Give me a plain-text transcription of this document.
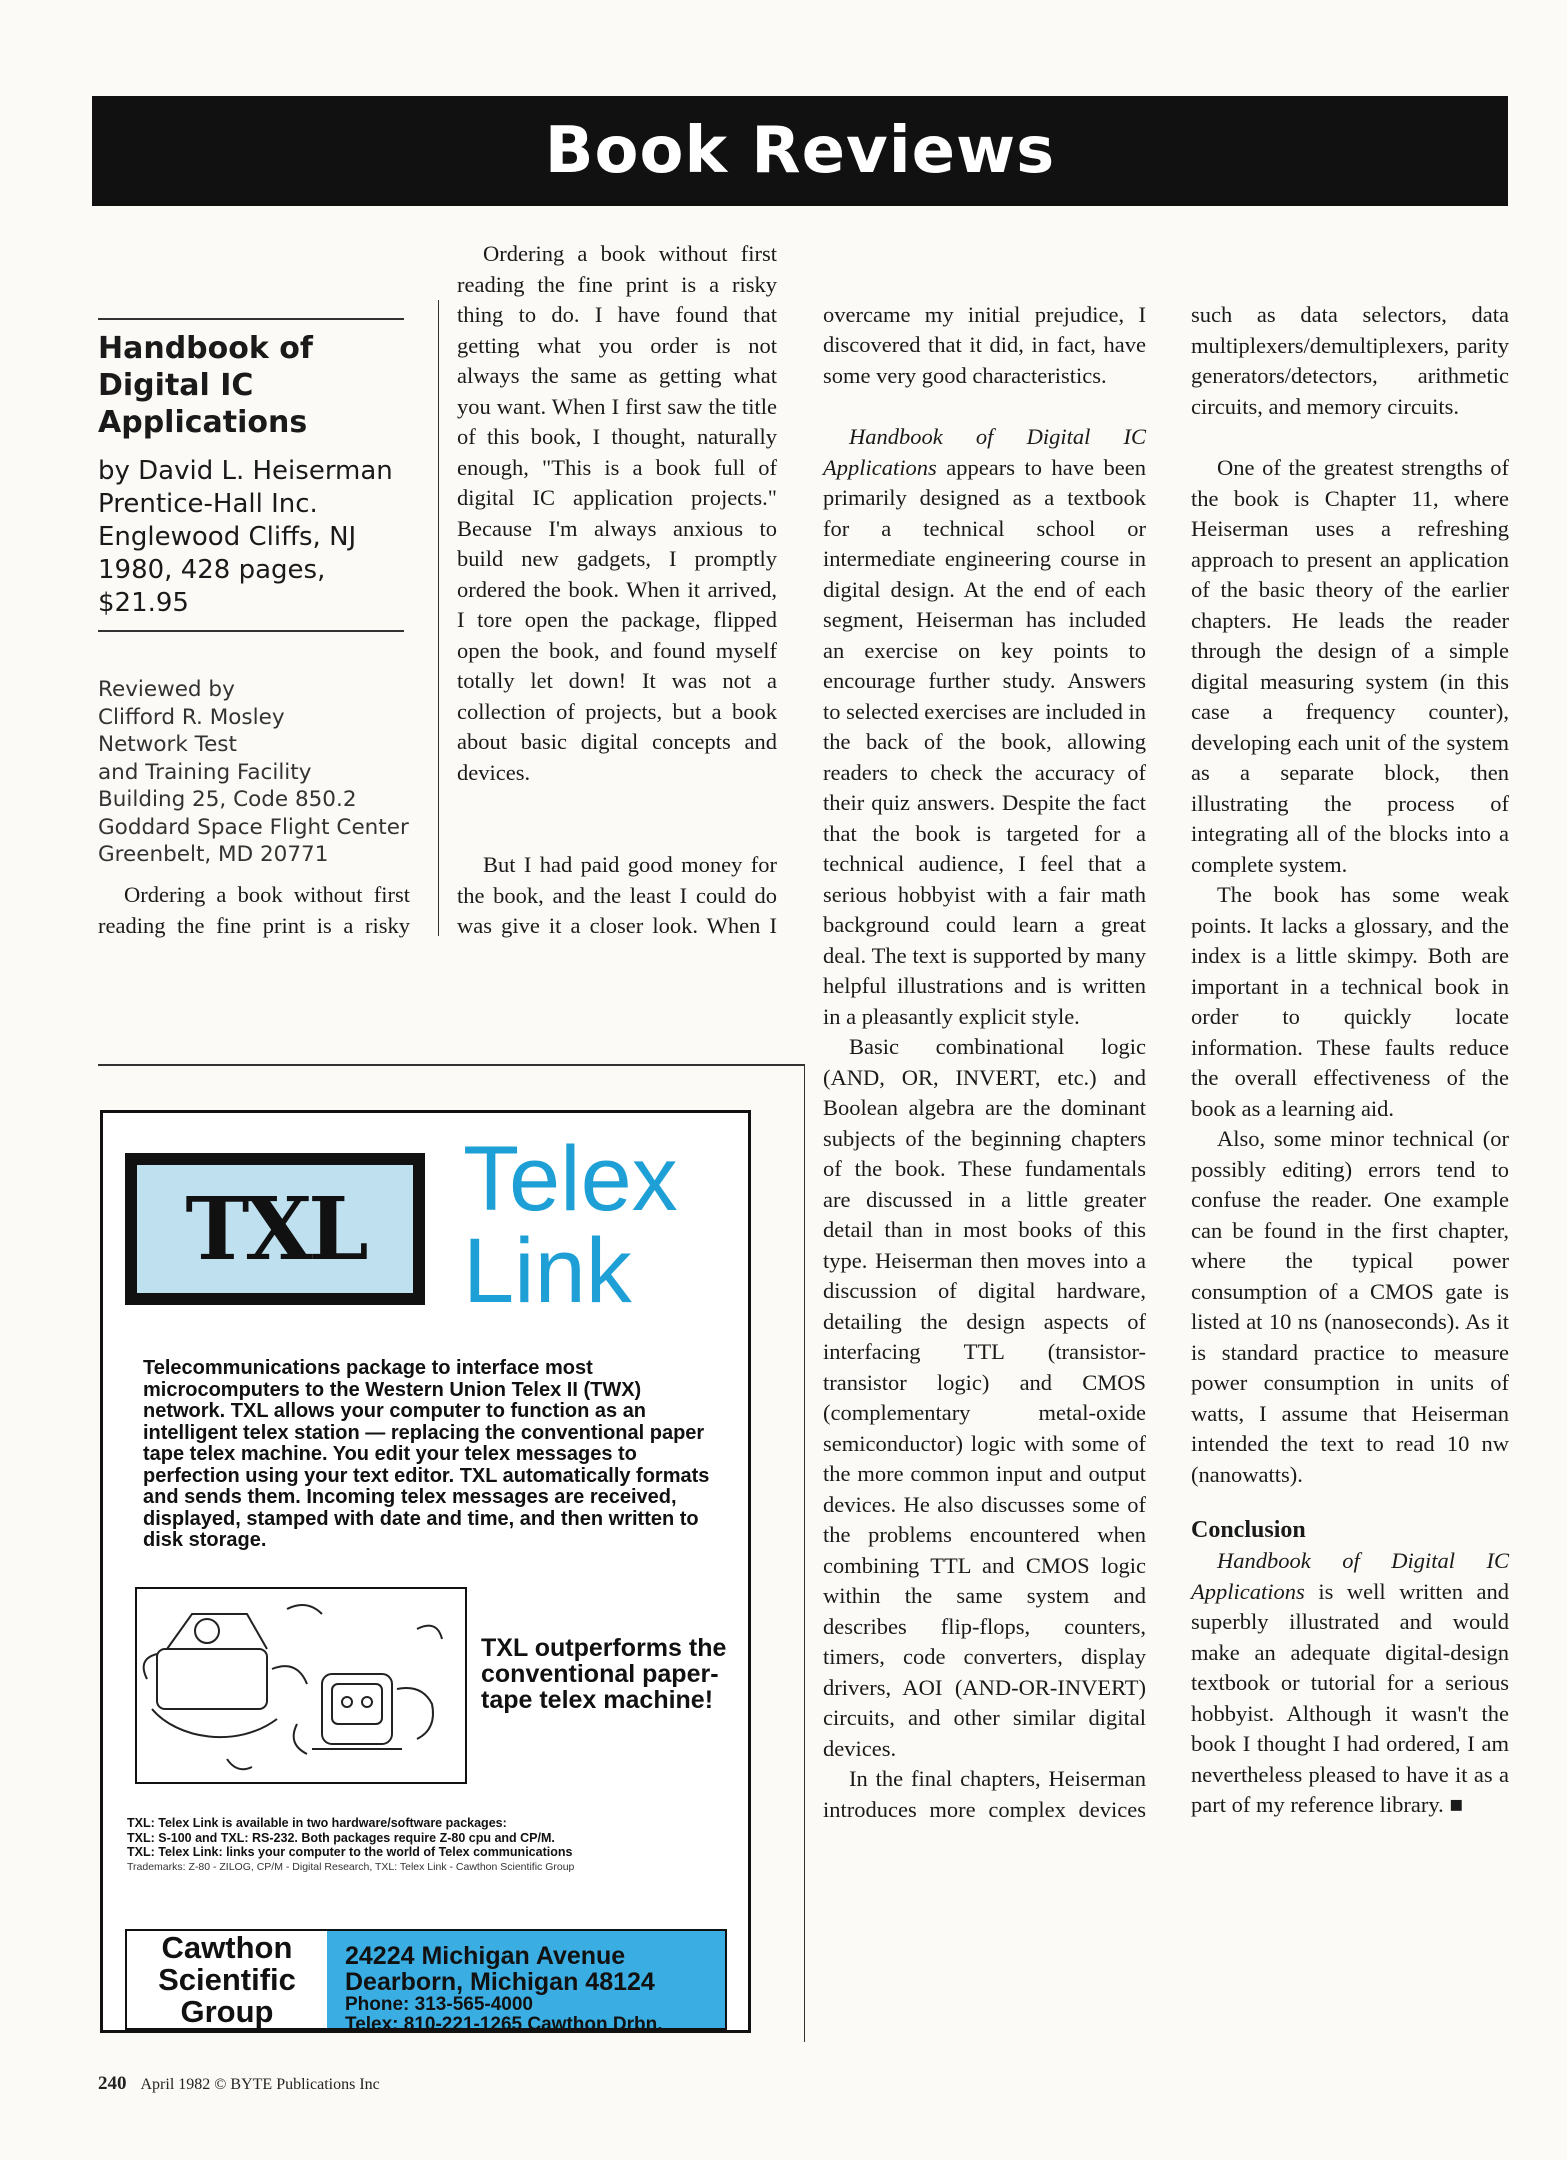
Book Reviews

Handbook of Digital IC Applications

by David L. Heiserman
Prentice-Hall Inc.
Englewood Cliffs, NJ
1980, 428 pages, $21.95

Reviewed by
Clifford R. Mosley
Network Test
and Training Facility
Building 25, Code 850.2
Goddard Space Flight Center
Greenbelt, MD 20771

Ordering a book without first reading the fine print is a risky

Ordering a book without first reading the fine print is a risky thing to do. I have found that getting what you order is not always the same as getting what you want. When I first saw the title of this book, I thought, naturally enough, "This is a book full of digital IC application projects." Because I'm always anxious to build new gadgets, I promptly ordered the book. When it arrived, I tore open the package, flipped open the book, and found myself totally let down! It was not a collection of projects, but a book about basic digital concepts and devices.

But I had paid good money for the book, and the least I could do was give it a closer look. When I

overcame my initial prejudice, I discovered that it did, in fact, have some very good characteristics.

Handbook of Digital IC Applications appears to have been primarily designed as a textbook for a technical school or intermediate engineering course in digital design. At the end of each segment, Heiserman has included an exercise on key points to encourage further study. Answers to selected exercises are included in the back of the book, allowing readers to check the accuracy of their quiz answers. Despite the fact that the book is targeted for a technical audience, I feel that a serious hobbyist with a fair math background could learn a great deal. The text is supported by many helpful illustrations and is written in a pleasantly explicit style.

Basic combinational logic (AND, OR, INVERT, etc.) and Boolean algebra are the dominant subjects of the beginning chapters of the book. These fundamentals are discussed in a little greater detail than in most books of this type. Heiserman then moves into a discussion of digital hardware, detailing the design aspects of interfacing TTL (transistor-transistor logic) and CMOS (complementary metal-oxide semiconductor) logic with some of the more common input and output devices. He also discusses some of the problems encountered when combining TTL and CMOS logic within the same system and describes flip-flops, counters, timers, code converters, display drivers, AOI (AND-OR-INVERT) circuits, and other similar digital devices.

In the final chapters, Heiserman introduces more complex devices

such as data selectors, data multiplexers/demultiplexers, parity generators/detectors, arithmetic circuits, and memory circuits.

One of the greatest strengths of the book is Chapter 11, where Heiserman uses a refreshing approach to present an application of the basic theory of the earlier chapters. He leads the reader through the design of a simple digital measuring system (in this case a frequency counter), developing each unit of the system as a separate block, then illustrating the process of integrating all of the blocks into a complete system.

The book has some weak points. It lacks a glossary, and the index is a little skimpy. Both are important in a technical book in order to quickly locate information. These faults reduce the overall effectiveness of the book as a learning aid.

Also, some minor technical (or possibly editing) errors tend to confuse the reader. One example can be found in the first chapter, where the typical power consumption of a CMOS gate is listed at 10 ns (nanoseconds). As it is standard practice to measure power consumption in units of watts, I assume that Heiserman intended the text to read 10 nw (nanowatts).

Conclusion

Handbook of Digital IC Applications is well written and superbly illustrated and would make an adequate digital-design textbook or tutorial for a serious hobbyist. Although it wasn't the book I thought I had ordered, I am nevertheless pleased to have it as a part of my reference library. ■

TXL Telex
Link
Telecommunications package to interface most microcomputers to the Western Union Telex II (TWX) network. TXL allows your computer to function as an intelligent telex station — replacing the conventional paper tape telex machine. You edit your telex messages to perfection using your text editor. TXL automatically formats and sends them. Incoming telex messages are received, displayed, stamped with date and time, and then written to disk storage.
TXL outperforms the conventional paper-tape telex machine!
TXL: Telex Link is available in two hardware/software packages:
TXL: S-100 and TXL: RS-232. Both packages require Z-80 cpu and CP/M.
TXL: Telex Link: links your computer to the world of Telex communications
Trademarks: Z-80 - ZILOG, CP/M - Digital Research, TXL: Telex Link - Cawthon Scientific Group
Cawthon
Scientific
Group
24224 Michigan Avenue
Dearborn, Michigan 48124
Phone: 313-565-4000
Telex: 810-221-1265 Cawthon Drbn.
240 April 1982 © BYTE Publications Inc
